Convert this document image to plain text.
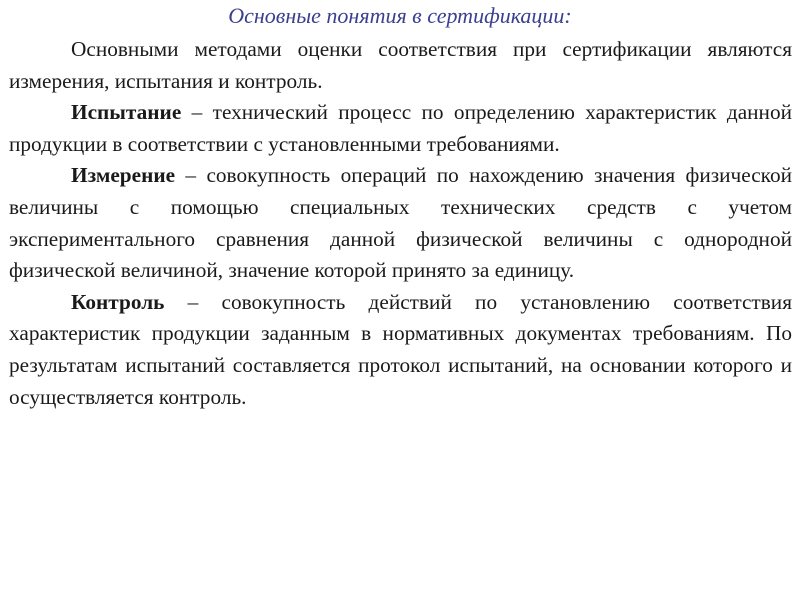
Основные понятия в сертификации:

Основными методами оценки соответствия при сертификации являются измерения, испытания и контроль.

Испытание – технический процесс по определению характеристик данной продукции в соответствии с установленными требованиями.

Измерение – совокупность операций по нахождению значения физической величины с помощью специальных технических средств с учетом экспериментального сравнения данной физической величины с однородной физической величиной, значение которой принято за единицу.

Контроль – совокупность действий по установлению соответствия характеристик продукции заданным в нормативных документах требованиям. По результатам испытаний составляется протокол испытаний, на основании которого и осуществляется контроль.
